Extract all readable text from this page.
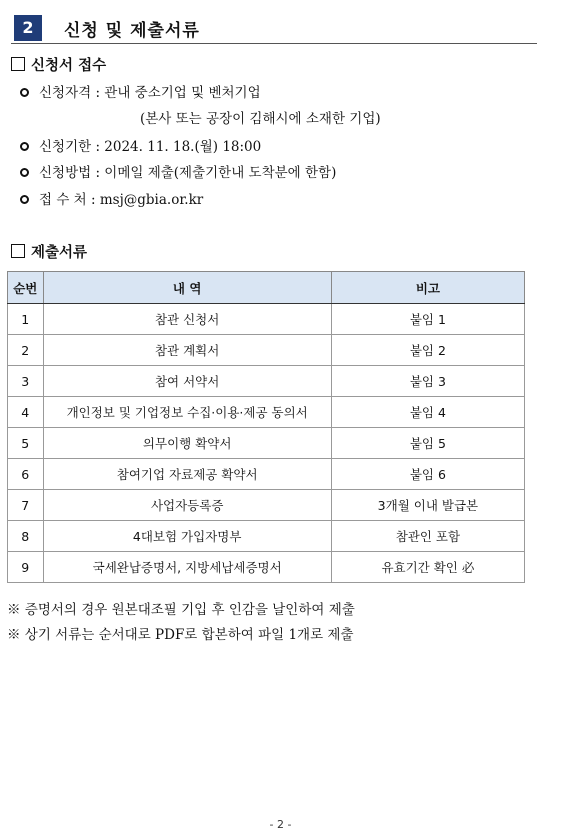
2	신청 및 제출서류
신청서 접수
신청자격 : 관내 중소기업 및 벤처기업
(본사 또는 공장이 김해시에 소재한 기업)
신청기한 : 2024. 11. 18.(월) 18:00
신청방법 : 이메일 제출(제출기한내 도착분에 한함)
접 수 처 : msj@gbia.or.kr
제출서류
순번	내 역	비고
1	참관 신청서	붙임 1
2	참관 계획서	붙임 2
3	참여 서약서	붙임 3
4	개인정보 및 기업정보 수집·이용·제공 동의서	붙임 4
5	의무이행 확약서	붙임 5
6	참여기업 자료제공 확약서	붙임 6
7	사업자등록증	3개월 이내 발급본
8	4대보험 가입자명부	참관인 포함
9	국세완납증명서, 지방세납세증명서	유효기간 확인 必
※ 증명서의 경우 원본대조필 기입 후 인감을 날인하여 제출
※ 상기 서류는 순서대로 PDF로 합본하여 파일 1개로 제출
- 2 -
